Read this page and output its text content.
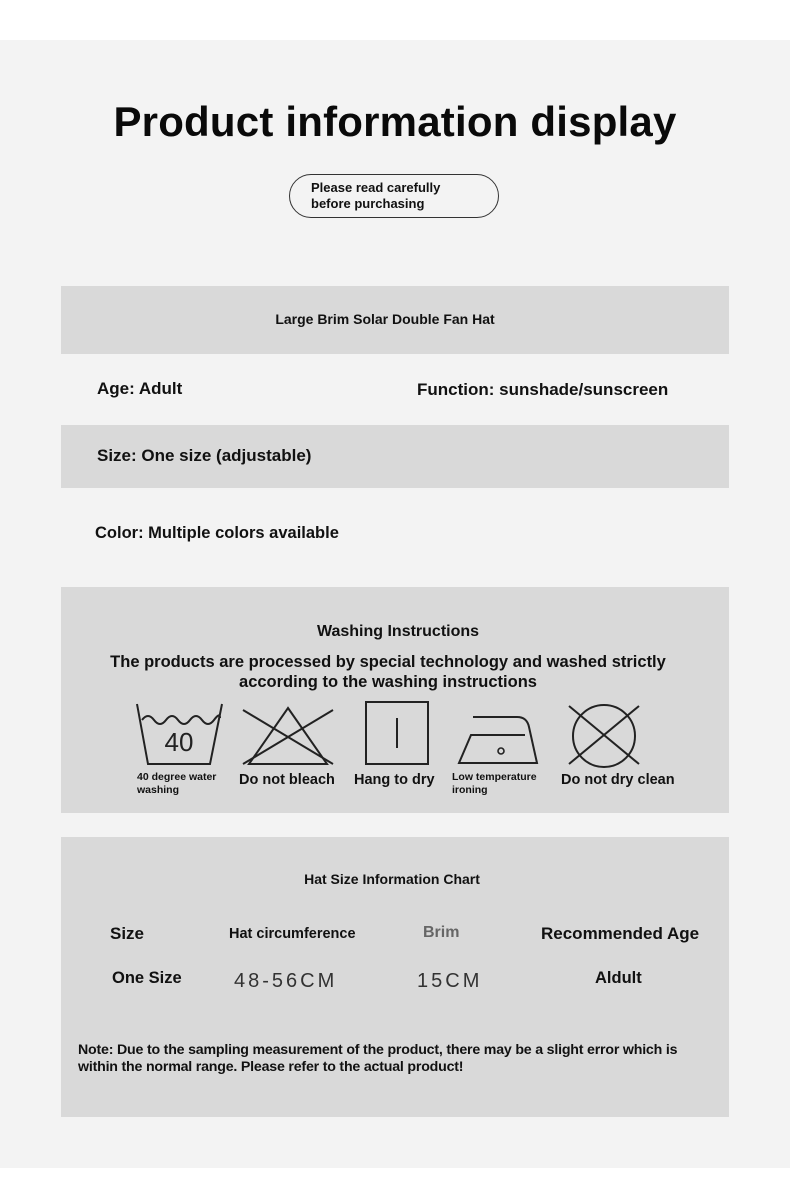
Product information display
Please read carefully
before purchasing
Large Brim Solar Double Fan Hat
Age: Adult	Function: sunshade/sunscreen
Size: One size (adjustable)
Color: Multiple colors available
Washing Instructions
The products are processed by special technology and washed strictly
according to the washing instructions
40
40 degree water
washing
Do not bleach Hang to dry Low temperature
ironing
Do not dry clean
Hat Size Information Chart
Size	Hat circumference	Brim	Recommended Age
One Size	48-56CM	15CM	Aldult
Note: Due to the sampling measurement of the product, there may be a slight error which is
within the normal range. Please refer to the actual product!
